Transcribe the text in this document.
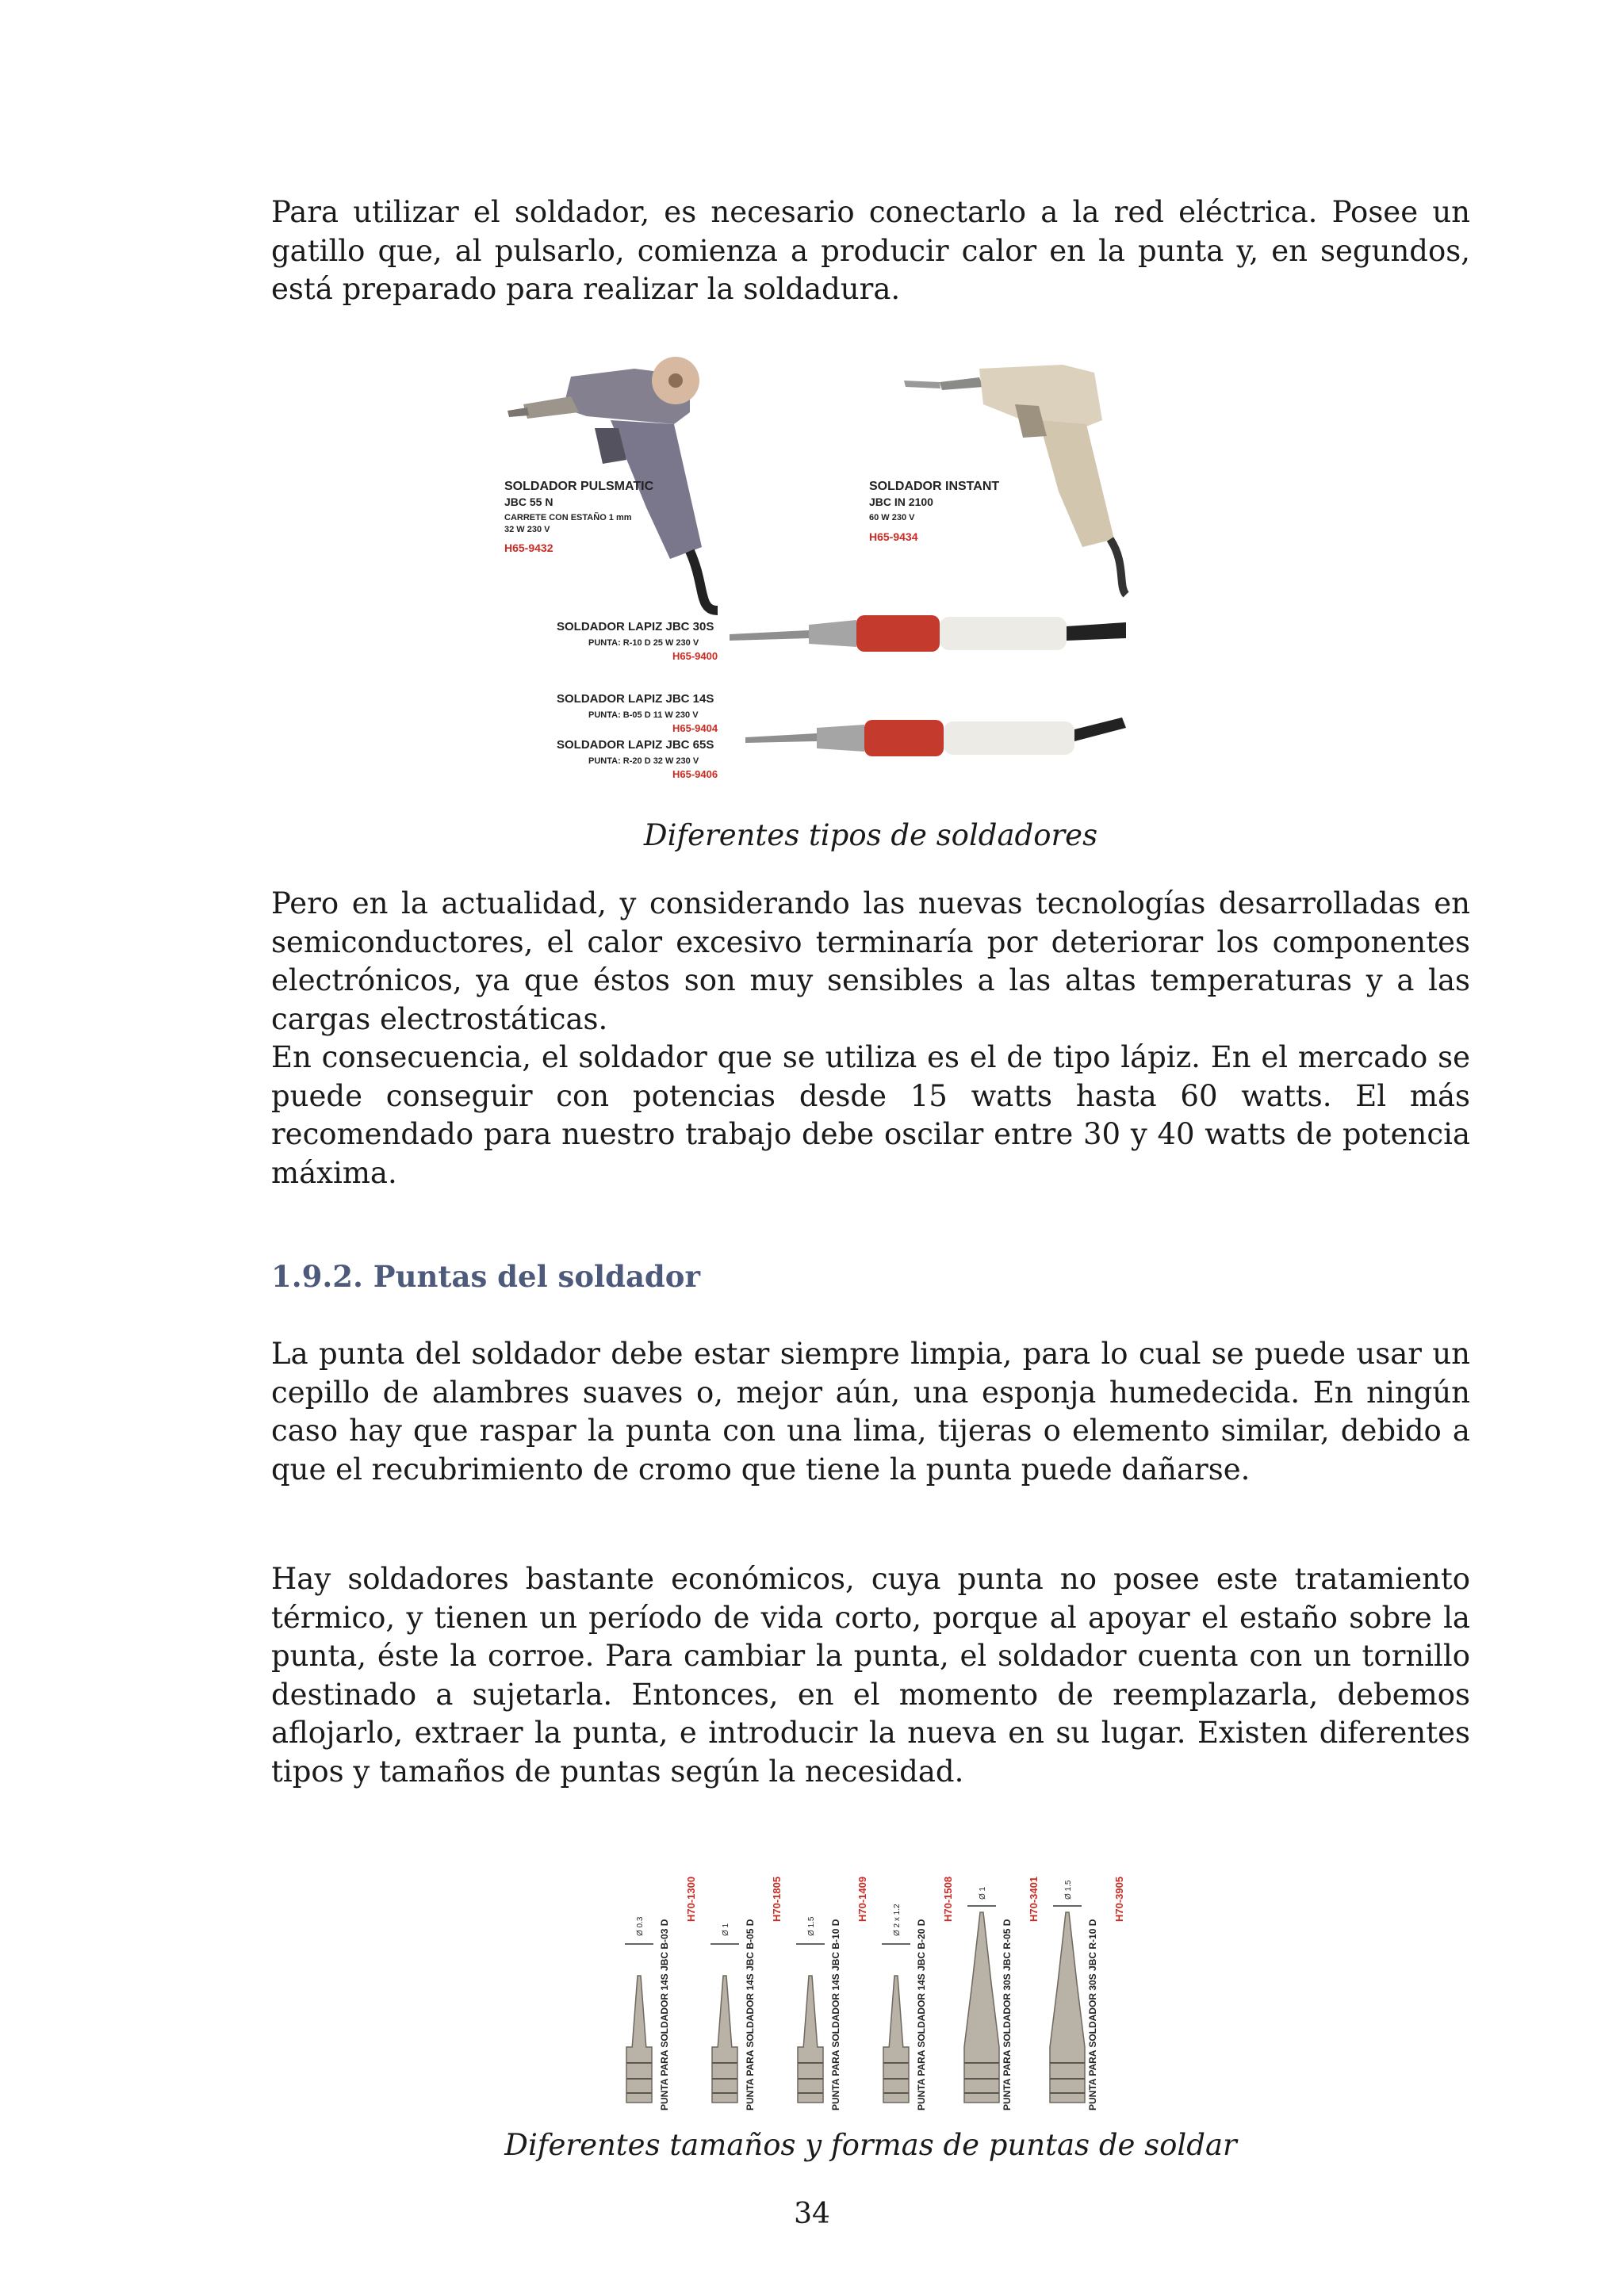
Para utilizar el soldador, es necesario conectarlo a la red eléctrica. Posee un gatillo que, al pulsarlo, comienza a producir calor en la punta y, en segundos, está preparado para realizar la soldadura.

SOLDADOR PULSMATIC
JBC 55 N
CARRETE CON ESTAÑO 1 mm
32 W 230 V
H65-9432
SOLDADOR INSTANT
JBC IN 2100
60 W 230 V
H65-9434
SOLDADOR LAPIZ JBC 30S
PUNTA: R-10 D 25 W 230 V
H65-9400
SOLDADOR LAPIZ JBC 14S
PUNTA: B-05 D 11 W 230 V
H65-9404
SOLDADOR LAPIZ JBC 65S
PUNTA: R-20 D 32 W 230 V
H65-9406

Diferentes tipos de soldadores

Pero en la actualidad, y considerando las nuevas tecnologías desarrolladas en semiconductores, el calor excesivo terminaría por deteriorar los componentes electrónicos, ya que éstos son muy sensibles a las altas temperaturas y a las cargas electrostáticas.

En consecuencia, el soldador que se utiliza es el de tipo lápiz. En el mercado se puede conseguir con potencias desde 15 watts hasta 60 watts. El más recomendado para nuestro trabajo debe oscilar entre 30 y 40 watts de potencia máxima.

1.9.2. Puntas del soldador

La punta del soldador debe estar siempre limpia, para lo cual se puede usar un cepillo de alambres suaves o, mejor aún, una esponja humedecida. En ningún caso hay que raspar la punta con una lima, tijeras o elemento similar, debido a que el recubrimiento de cromo que tiene la punta puede dañarse.

Hay soldadores bastante económicos, cuya punta no posee este tratamiento térmico, y tienen un período de vida corto, porque al apoyar el estaño sobre la punta, éste la corroe. Para cambiar la punta, el soldador cuenta con un tornillo destinado a sujetarla. Entonces, en el momento de reemplazarla, debemos aflojarlo, extraer la punta, e introducir la nueva en su lugar. Existen diferentes tipos y tamaños de puntas según la necesidad.

Ø 0.3 PUNTA PARA SOLDADOR 14S JBC B-03 D
H70-1300
Ø 1 PUNTA PARA SOLDADOR 14S JBC B-05 D
H70-1805
Ø 1.5 PUNTA PARA SOLDADOR 14S JBC B-10 D
H70-1409	Ø 2 x 1.2 PUNTA PARA SOLDADOR 14S JBC B-20 D
H70-1508	Ø 1
PUNTA PARA SOLDADOR 30S JBC R-05 D
H70-3401	Ø 1.5
PUNTA PARA SOLDADOR 30S JBC R-10 D
H70-3905

Diferentes tamaños y formas de puntas de soldar

34
